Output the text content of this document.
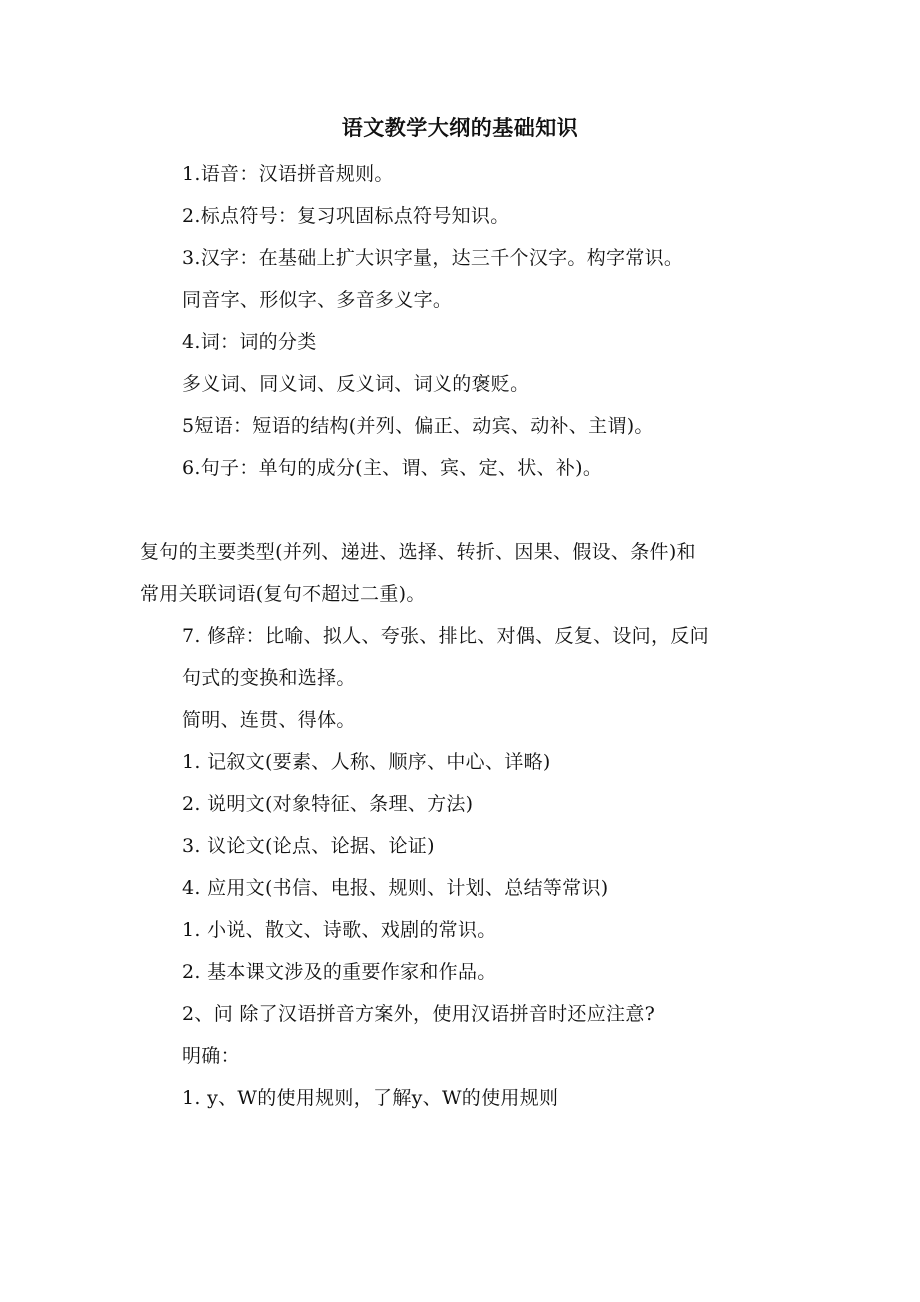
语文教学大纲的基础知识
1.语音：汉语拼音规则。
2.标点符号：复习巩固标点符号知识。
3.汉字：在基础上扩大识字量，达三千个汉字。构字常识。
同音字、形似字、多音多义字。
4.词：词的分类
多义词、同义词、反义词、词义的褒贬。
5短语：短语的结构(并列、偏正、动宾、动补、主谓)。
6.句子：单句的成分(主、谓、宾、定、状、补)。
复句的主要类型(并列、递进、选择、转折、因果、假设、条件)和
常用关联词语(复句不超过二重)。
7. 修辞：比喻、拟人、夸张、排比、对偶、反复、设问，反问
句式的变换和选择。
简明、连贯、得体。
1. 记叙文(要素、人称、顺序、中心、详略)
2. 说明文(对象特征、条理、方法)
3. 议论文(论点、论据、论证)
4. 应用文(书信、电报、规则、计划、总结等常识)
1. 小说、散文、诗歌、戏剧的常识。
2. 基本课文涉及的重要作家和作品。
2、问 除了汉语拼音方案外，使用汉语拼音时还应注意?
明确：
1. y、W的使用规则，了解y、W的使用规则
